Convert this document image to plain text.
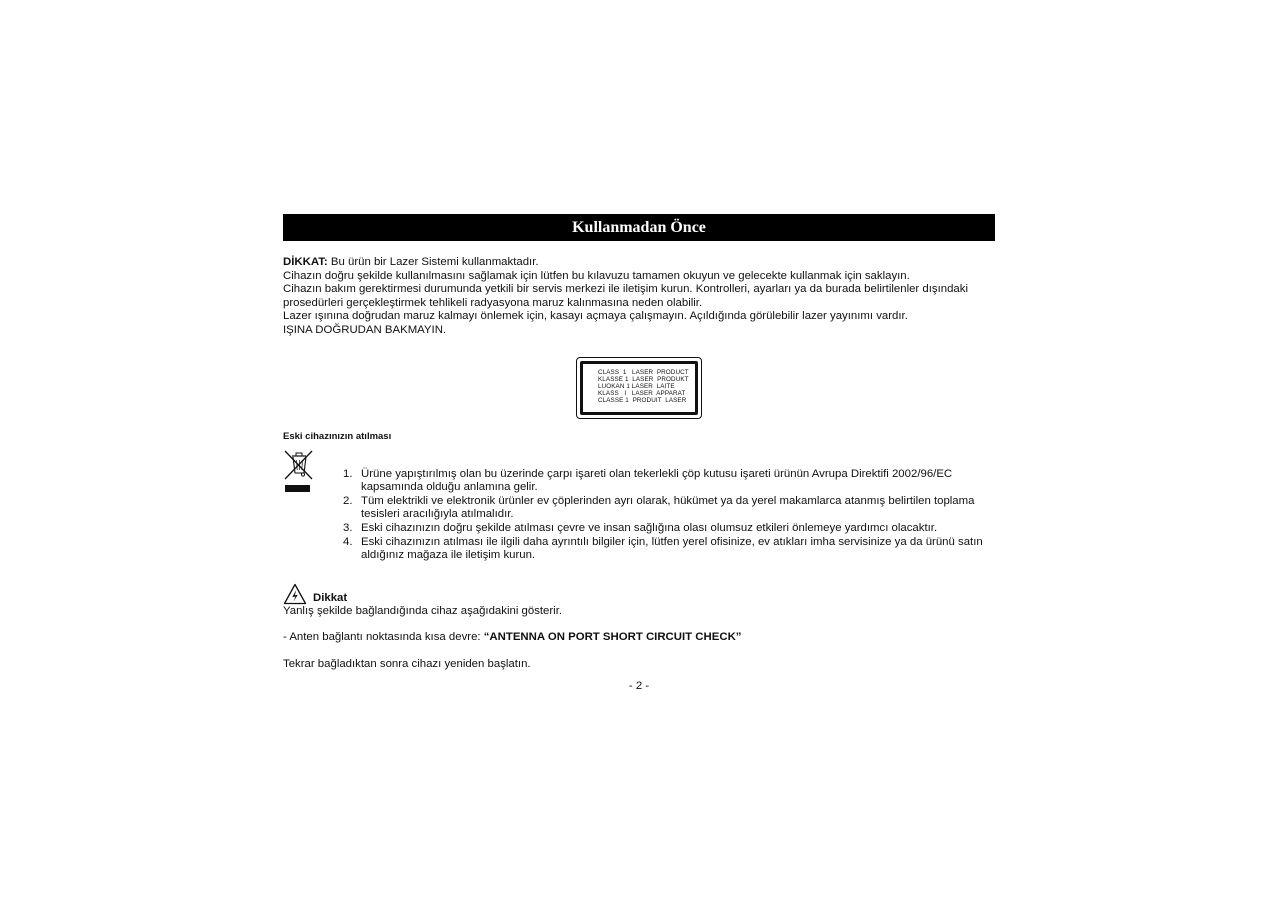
Kullanmadan Önce

DİKKAT: Bu ürün bir Lazer Sistemi kullanmaktadır.

Cihazın doğru şekilde kullanılmasını sağlamak için lütfen bu kılavuzu tamamen okuyun ve gelecekte kullanmak için saklayın.

Cihazın bakım gerektirmesi durumunda yetkili bir servis merkezi ile iletişim kurun. Kontrolleri, ayarları ya da burada belirtilenler dışındaki prosedürleri gerçekleştirmek tehlikeli radyasyona maruz kalınmasına neden olabilir.

Lazer ışınına doğrudan maruz kalmayı önlemek için, kasayı açmaya çalışmayın. Açıldığında görülebilir lazer yayınımı vardır.

IŞINA DOĞRUDAN BAKMAYIN.

CLASS  1   LASER  PRODUCT
KLASSE 1  LASER  PRODUKT
LUOKAN 1 LASER  LAITE
KLASS   I   LASER  APPARAT
CLASSE 1  PRODUIT  LASER
Eski cihazınızın atılması
1. Ürüne yapıştırılmış olan bu üzerinde çarpı işareti olan tekerlekli çöp kutusu işareti ürünün Avrupa Direktifi 2002/96/EC kapsamında olduğu anlamına gelir.
2. Tüm elektrikli ve elektronik ürünler ev çöplerinden ayrı olarak, hükümet ya da yerel makamlarca atanmış belirtilen toplama tesisleri aracılığıyla atılmalıdır.
3. Eski cihazınızın doğru şekilde atılması çevre ve insan sağlığına olası olumsuz etkileri önlemeye yardımcı olacaktır.
4. Eski cihazınızın atılması ile ilgili daha ayrıntılı bilgiler için, lütfen yerel ofisinize, ev atıkları imha servisinize ya da ürünü satın aldığınız mağaza ile iletişim kurun.
Dikkat

Yanlış şekilde bağlandığında cihaz aşağıdakini gösterir.

- Anten bağlantı noktasında kısa devre: “ANTENNA ON PORT SHORT CIRCUIT CHECK”

Tekrar bağladıktan sonra cihazı yeniden başlatın.

- 2 -
